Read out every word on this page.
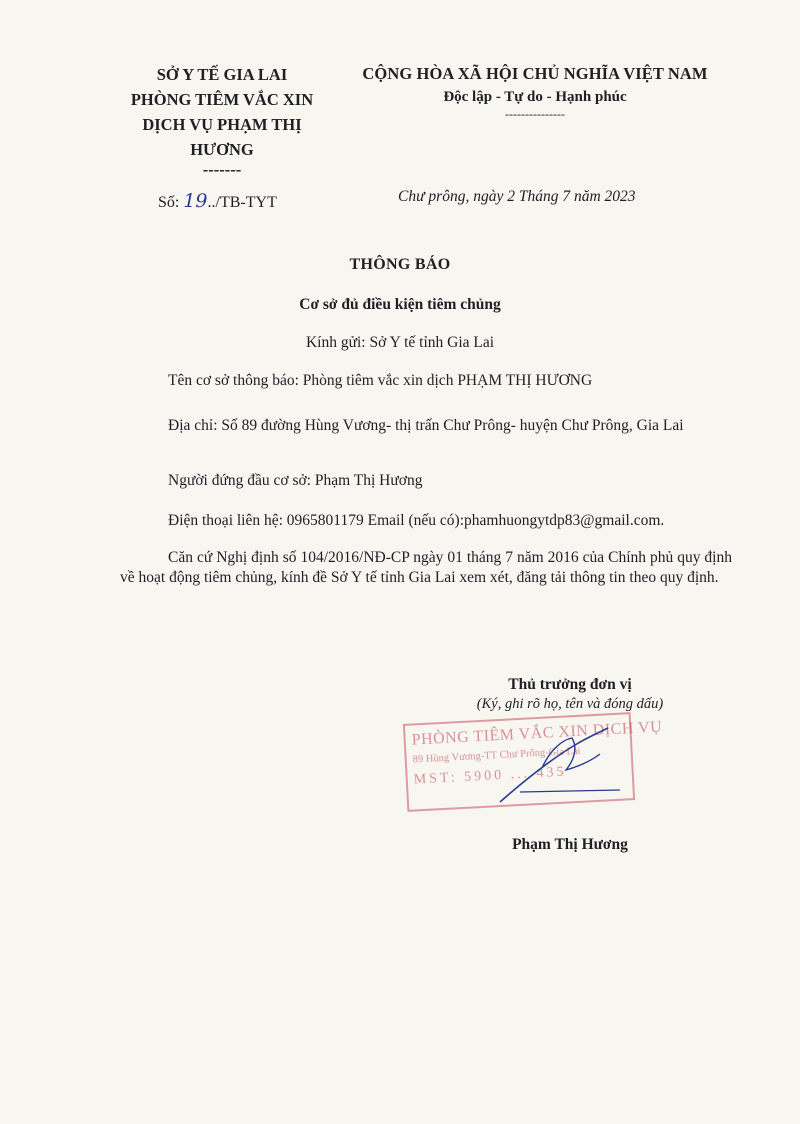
SỞ Y TẾ GIA LAI
PHÒNG TIÊM VẮC XIN
DỊCH VỤ PHẠM THỊ
HƯƠNG
-------
Số: 19../TB-TYT
CỘNG HÒA XÃ HỘI CHỦ NGHĨA VIỆT NAM
Độc lập - Tự do - Hạnh phúc
---------------
Chư prông, ngày 2 Tháng 7 năm 2023
THÔNG BÁO
Cơ sở đủ điều kiện tiêm chủng
Kính gửi: Sở Y tế tỉnh Gia Lai
Tên cơ sở thông báo: Phòng tiêm vắc xin dịch PHẠM THỊ HƯƠNG
Địa chỉ: Số 89 đường Hùng Vương- thị trấn Chư Prông- huyện Chư Prông, Gia Lai
Người đứng đầu cơ sở: Phạm Thị Hương
Điện thoại liên hệ: 0965801179 Email (nếu có):phamhuongytdp83@gmail.com.
Căn cứ Nghị định số 104/2016/NĐ-CP ngày 01 tháng 7 năm 2016 của Chính phủ quy định về hoạt động tiêm chủng, kính đề Sở Y tế tỉnh Gia Lai xem xét, đăng tải thông tin theo quy định.
Thủ trưởng đơn vị
(Ký, ghi rõ họ, tên và đóng dấu)
PHÒNG TIÊM VẮC XIN DỊCH VỤ
89 Hùng Vương-TT Chư Prông-Gia Lai
MST: 5900 ... 435
Phạm Thị Hương
